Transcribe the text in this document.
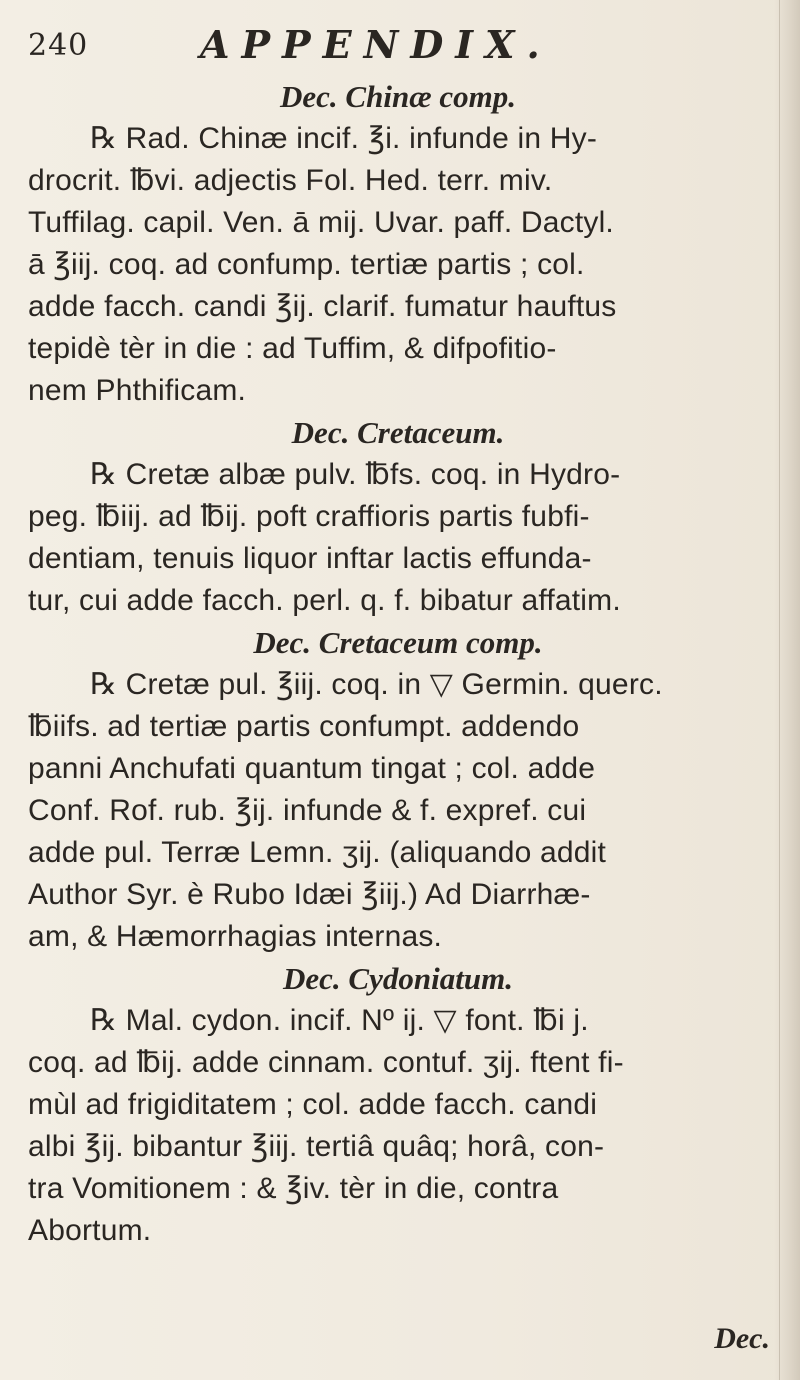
240	APPENDIX.
Dec. Chinæ comp.
℞ Rad. Chinæ incif. ℥i. infunde in Hy-
drocrit. ℔vi. adjectis Fol. Hed. terr. miv.
Tuffilag. capil. Ven. ā mij. Uvar. paff. Dactyl.
ā ℥iij. coq. ad confump. tertiæ partis ; col.
adde facch. candi ℥ij. clarif. fumatur hauftus
tepidè tèr in die : ad Tuffim, & difpofitio-
nem Phthificam.
Dec. Cretaceum.
℞ Cretæ albæ pulv. ℔fs. coq. in Hydro-
peg. ℔iij. ad ℔ij. poft craffioris partis fubfi-
dentiam, tenuis liquor inftar lactis effunda-
tur, cui adde facch. perl. q. f. bibatur affatim.
Dec. Cretaceum comp.
℞ Cretæ pul. ℥iij. coq. in ▽ Germin. querc.
℔iifs. ad tertiæ partis confumpt. addendo
panni Anchufati quantum tingat ; col. adde
Conf. Rof. rub. ℥ij. infunde & f. expref. cui
adde pul. Terræ Lemn. ʒij. (aliquando addit
Author Syr. è Rubo Idæi ℥iij.) Ad Diarrhæ-
am, & Hæmorrhagias internas.
Dec. Cydoniatum.
℞ Mal. cydon. incif. Nº ij. ▽ font. ℔i j.
coq. ad ℔ij. adde cinnam. contuf. ʒij. ftent fi-
mùl ad frigiditatem ; col. adde facch. candi
albi ℥ij. bibantur ℥iij. tertiâ quâq; horâ, con-
tra Vomitionem : & ℥iv. tèr in die, contra
Abortum.
Dec.
